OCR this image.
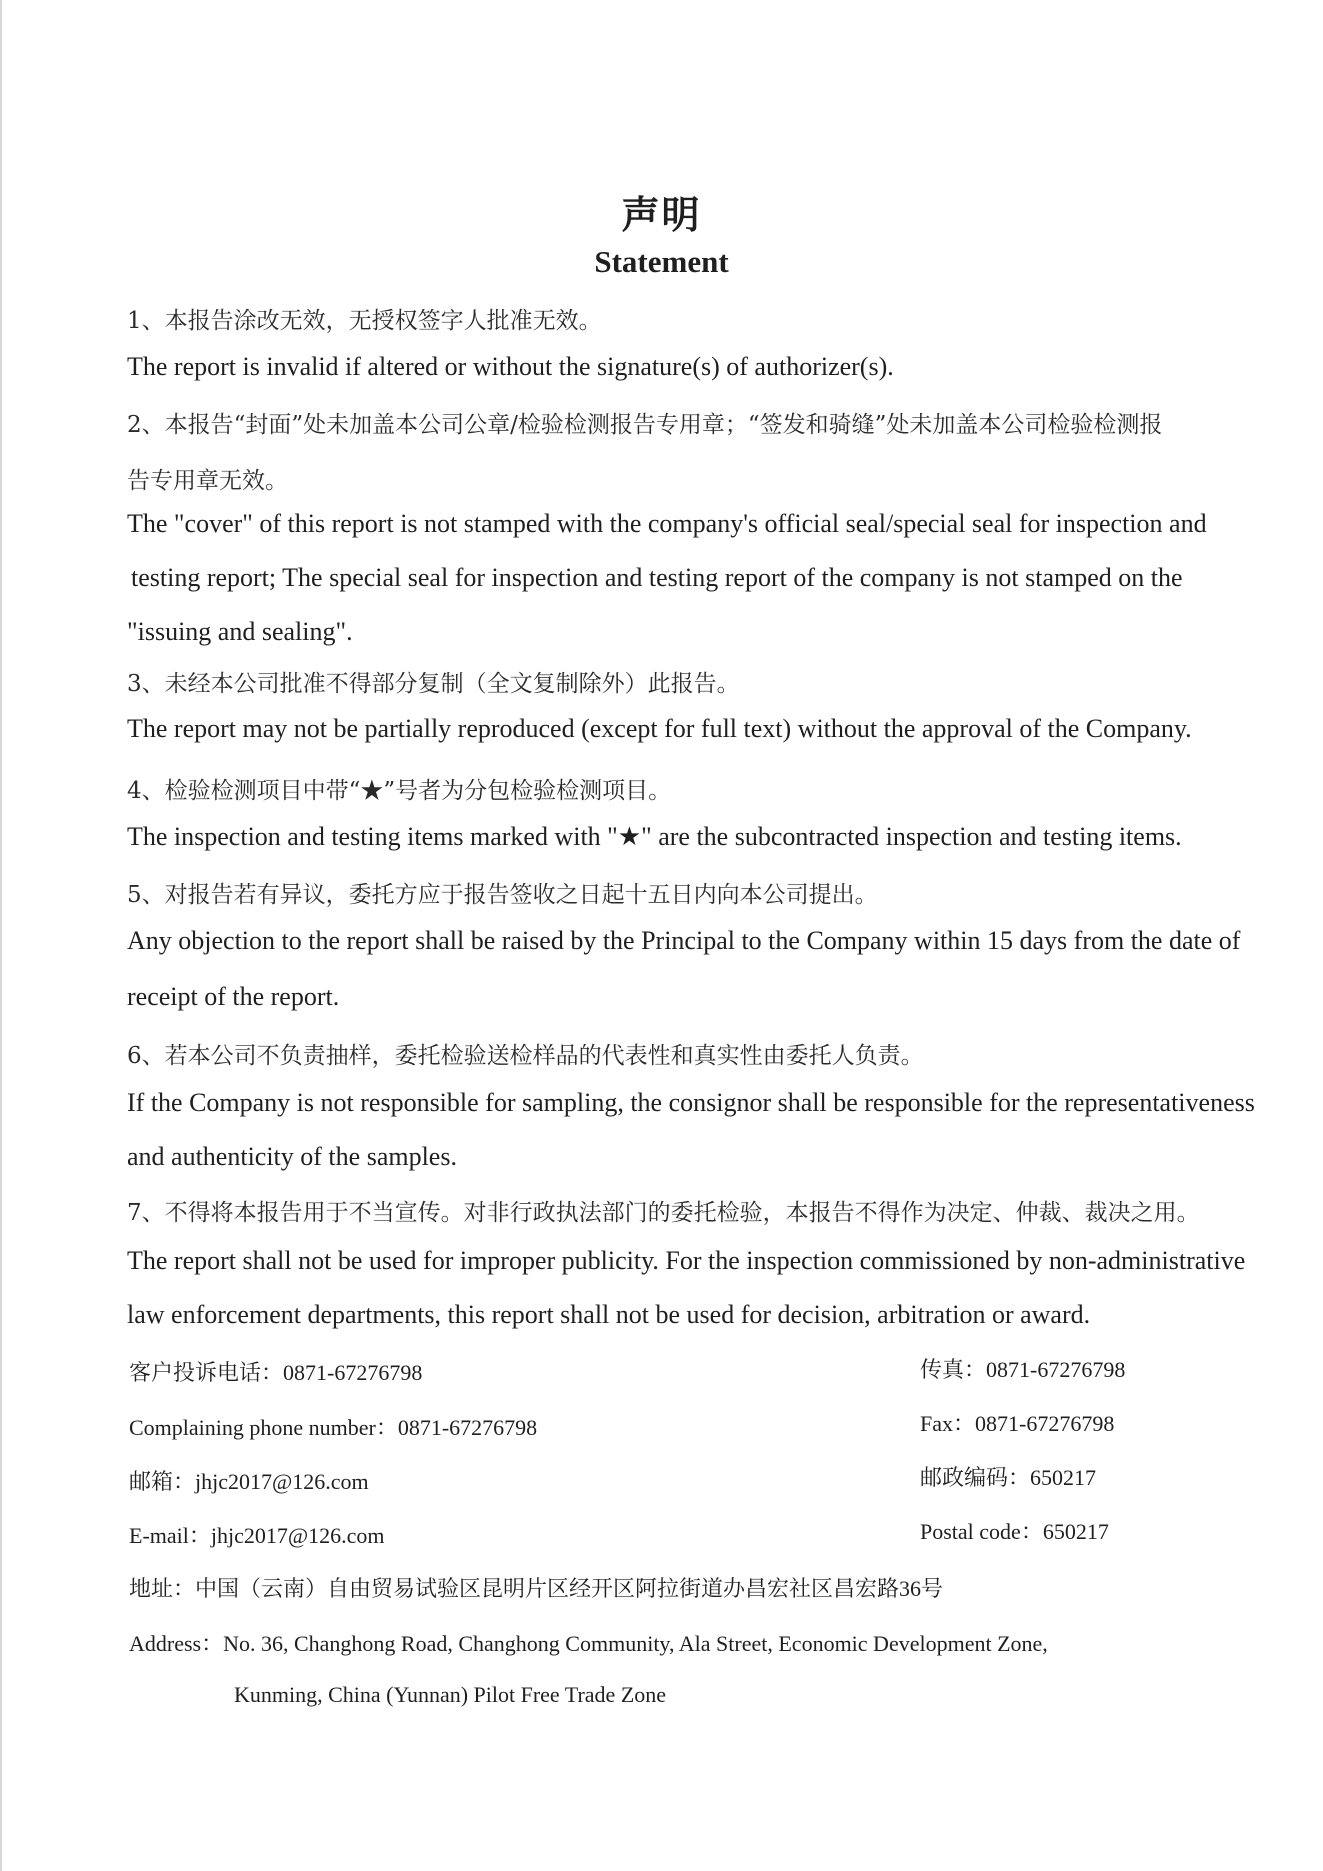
声明
Statement
1、本报告涂改无效，无授权签字人批准无效。
The report is invalid if altered or without the signature(s) of authorizer(s).
2、本报告“封面”处未加盖本公司公章/检验检测报告专用章；“签发和骑缝”处未加盖本公司检验检测报
告专用章无效。
The "cover" of this report is not stamped with the company's official seal/special seal for inspection and
testing report; The special seal for inspection and testing report of the company is not stamped on the
"issuing and sealing".
3、未经本公司批准不得部分复制（全文复制除外）此报告。
The report may not be partially reproduced (except for full text) without the approval of the Company.
4、检验检测项目中带“★”号者为分包检验检测项目。
The inspection and testing items marked with "★" are the subcontracted inspection and testing items.
5、对报告若有异议，委托方应于报告签收之日起十五日内向本公司提出。
Any objection to the report shall be raised by the Principal to the Company within 15 days from the date of
receipt of the report.
6、若本公司不负责抽样，委托检验送检样品的代表性和真实性由委托人负责。
If the Company is not responsible for sampling, the consignor shall be responsible for the representativeness
and authenticity of the samples.
7、不得将本报告用于不当宣传。对非行政执法部门的委托检验，本报告不得作为决定、仲裁、裁决之用。
The report shall not be used for improper publicity. For the inspection commissioned by non-administrative
law enforcement departments, this report shall not be used for decision, arbitration or award.
客户投诉电话：0871-67276798	传真：0871-67276798
Complaining phone number：0871-67276798	Fax：0871-67276798
邮箱：jhjc2017@126.com	邮政编码：650217
E-mail：jhjc2017@126.com	Postal code：650217
地址：中国（云南）自由贸易试验区昆明片区经开区阿拉街道办昌宏社区昌宏路36号
Address：No. 36, Changhong Road, Changhong Community, Ala Street, Economic Development Zone,
Kunming, China (Yunnan) Pilot Free Trade Zone
